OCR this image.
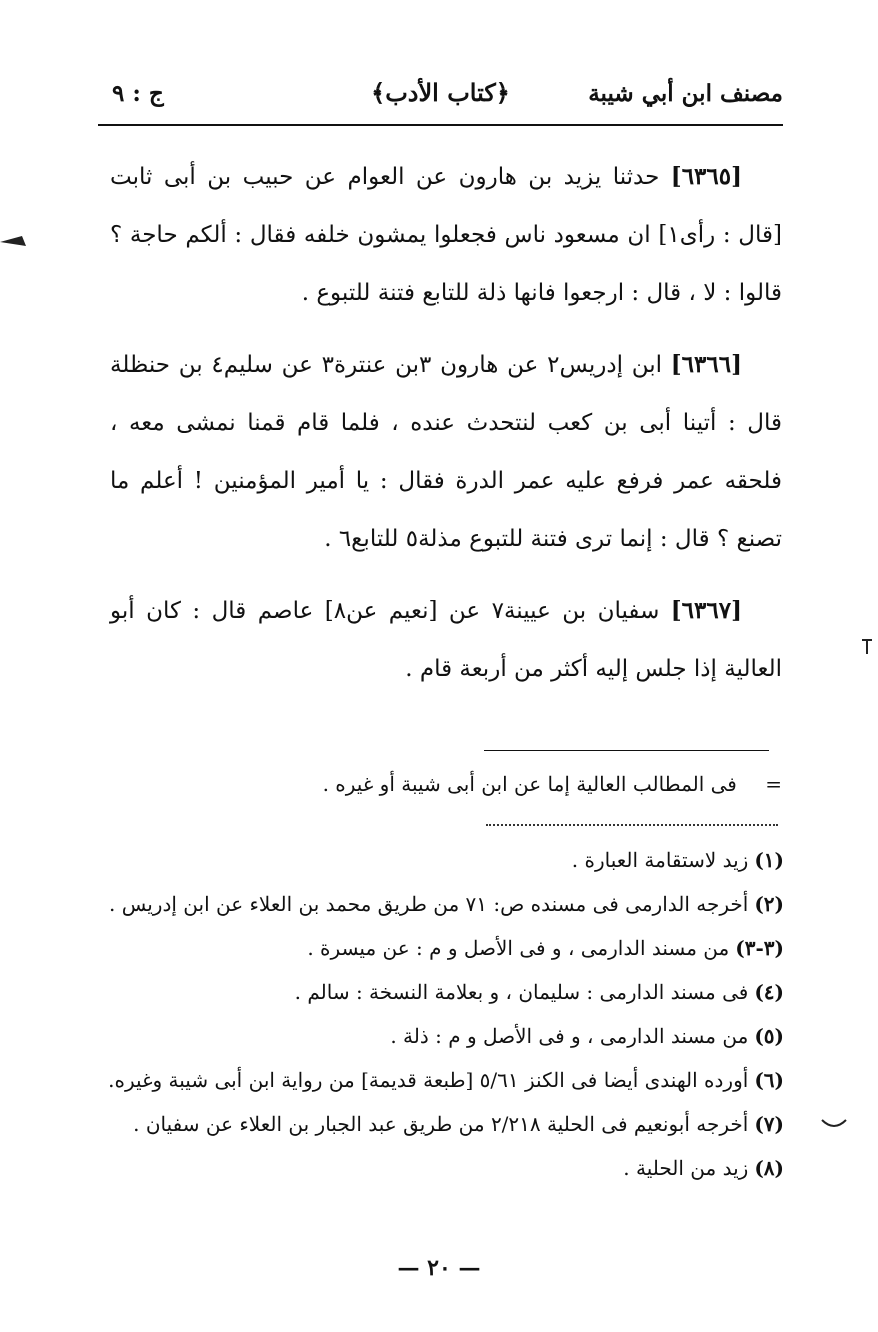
مصنف ابن أبي شيبة
﴿كتاب الأدب﴾
ج : ٩

[٦٣٦٥] حدثنا يزيد بن هارون عن العوام عن حبيب بن أبى ثابت [قال : رأى١] ان مسعود ناس فجعلوا يمشون خلفه فقال : ألكم حاجة ؟ قالوا : لا ، قال : ارجعوا فانها ذلة للتابع فتنة للتبوع .

[٦٣٦٦] ابن إدريس٢ عن هارون ٣بن عنترة٣ عن سليم٤ بن حنظلة قال : أتينا أبى بن كعب لنتحدث عنده ، فلما قام قمنا نمشى معه ، فلحقه عمر فرفع عليه عمر الدرة فقال : يا أمير المؤمنين ! أعلم ما تصنع ؟ قال : إنما ترى فتنة للتبوع مذلة٥ للتابع٦ .

[٦٣٦٧] سفيان بن عيينة٧ عن [نعيم عن٨] عاصم قال : كان أبو العالية إذا جلس إليه أكثر من أربعة قام .

= فى المطالب العالية إما عن ابن أبى شيبة أو غيره .
(١)زيد لاستقامة العبارة .
(٢)أخرجه الدارمى فى مسنده ص: ٧١ من طريق محمد بن العلاء عن ابن إدريس .
(٣-٣)من مسند الدارمى ، و فى الأصل و م : عن ميسرة .
(٤)فى مسند الدارمى : سليمان ، و بعلامة النسخة : سالم .
(٥)من مسند الدارمى ، و فى الأصل و م : ذلة .
(٦)أورده الهندى أيضا فى الكنز ٥/٦١ [طبعة قديمة] من رواية ابن أبى شيبة وغيره.
(٧)أخرجه أبونعيم فى الحلية ٢/٢١٨ من طريق عبد الجبار بن العلاء عن سفيان .
(٨)زيد من الحلية .
— ٢٠ —
